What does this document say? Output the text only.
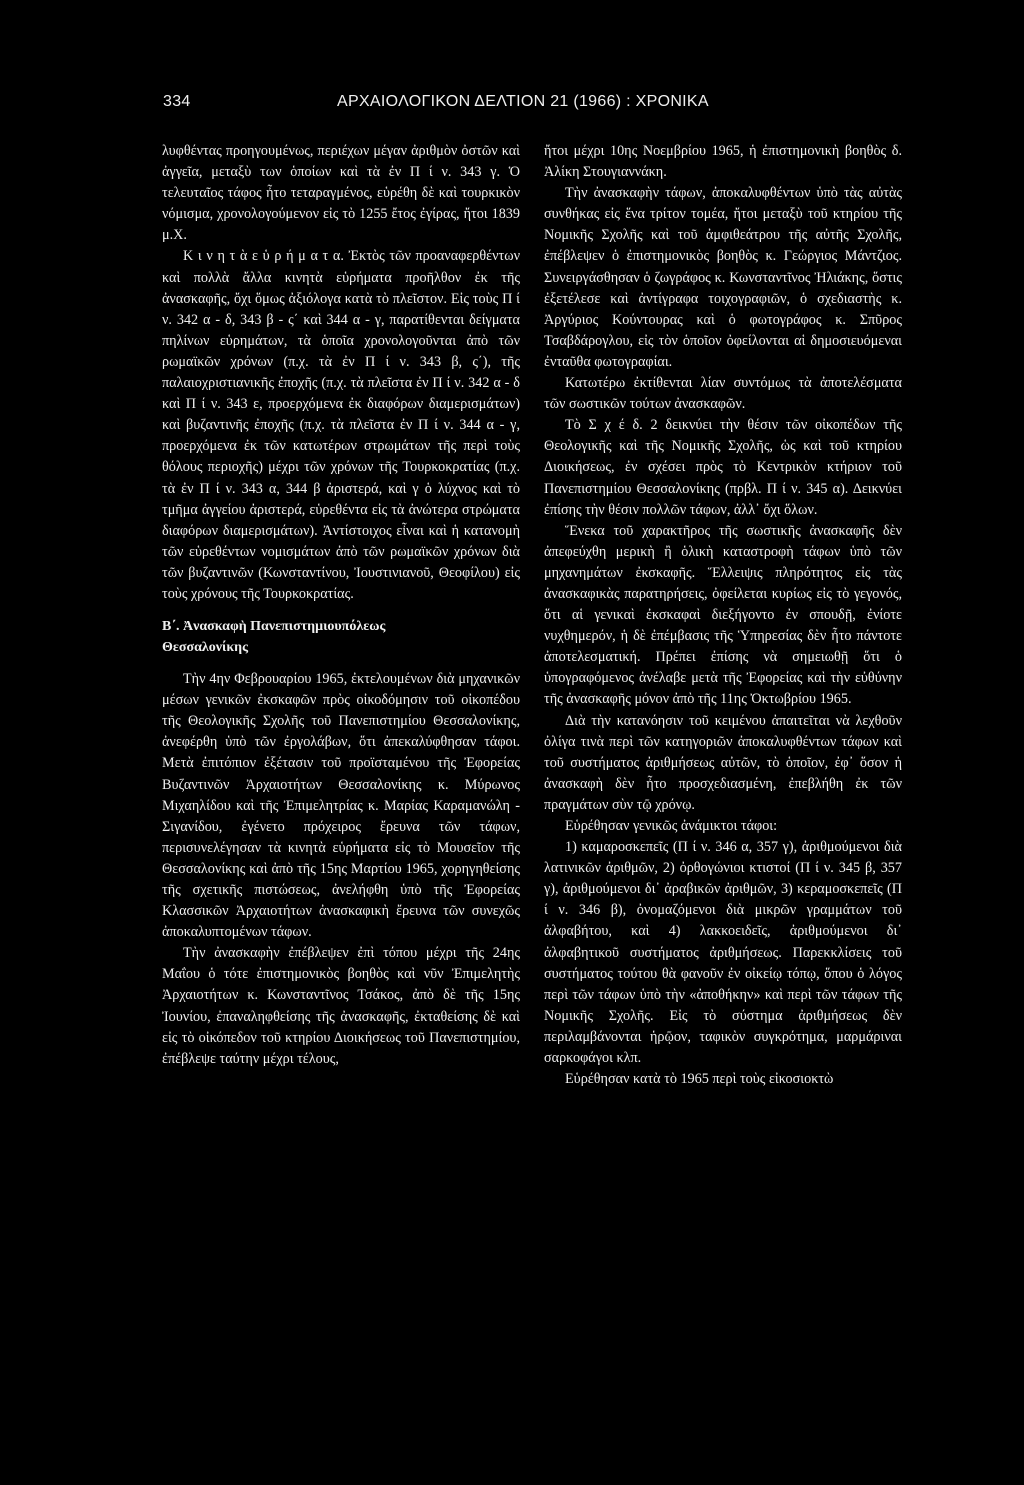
334	ΑΡΧΑΙΟΛΟΓΙΚΟΝ ΔΕΛΤΙΟΝ 21 (1966) : ΧΡΟΝΙΚΑ

λυφθέντας προηγουμένως, περιέχων μέγαν ἀριθμὸν ὀστῶν καὶ ἀγγεῖα, μεταξὺ των ὁποίων καὶ τὰ ἐν Π ί ν. 343 γ. Ὁ τελευταῖος τάφος ἦτο τεταραγμένος, εὑρέθη δὲ καὶ τουρκικὸν νόμισμα, χρονολογούμενον εἰς τὸ 1255 ἔτος ἐγίρας, ἤτοι 1839 μ.Χ.

Κ ι ν η τ ὰ ε ὑ ρ ή μ α τ α. Ἐκτὸς τῶν προαναφερθέντων καὶ πολλὰ ἄλλα κινητὰ εὑρήματα προῆλθον ἐκ τῆς ἀνασκαφῆς, ὄχι ὅμως ἀξιόλογα κατὰ τὸ πλεῖστον. Εἰς τοὺς Π ί ν. 342 α - δ, 343 β - ς΄ καὶ 344 α - γ, παρατίθενται δείγματα πηλίνων εὑρημάτων, τὰ ὁποῖα χρονολογοῦνται ἀπὸ τῶν ρωμαϊκῶν χρόνων (π.χ. τὰ ἐν Π ί ν. 343 β, ς΄), τῆς παλαιοχριστιανικῆς ἐποχῆς (π.χ. τὰ πλεῖστα ἐν Π ί ν. 342 α - δ καὶ Π ί ν. 343 ε, προερχόμενα ἐκ διαφόρων διαμερισμάτων) καὶ βυζαντινῆς ἐποχῆς (π.χ. τὰ πλεῖστα ἐν Π ί ν. 344 α - γ, προερχόμενα ἐκ τῶν κατωτέρων στρωμάτων τῆς περὶ τοὺς θόλους περιοχῆς) μέχρι τῶν χρόνων τῆς Τουρκοκρατίας (π.χ. τὰ ἐν Π ί ν. 343 α, 344 β ἀριστερά, καὶ γ ὁ λύχνος καὶ τὸ τμῆμα ἀγγείου ἀριστερά, εὑρεθέντα εἰς τὰ ἀνώτερα στρώματα διαφόρων διαμερισμάτων). Ἀντίστοιχος εἶναι καὶ ἡ κατανομὴ τῶν εὑρεθέντων νομισμάτων ἀπὸ τῶν ρωμαϊκῶν χρόνων διὰ τῶν βυζαντινῶν (Κωνσταντίνου, Ἰουστινιανοῦ, Θεοφίλου) εἰς τοὺς χρόνους τῆς Τουρκοκρατίας.

Β΄. Ἀνασκαφὴ Πανεπιστημιουπόλεως
Θεσσαλονίκης

Τὴν 4ην Φεβρουαρίου 1965, ἐκτελουμένων διὰ μηχανικῶν μέσων γενικῶν ἐκσκαφῶν πρὸς οἰκοδόμησιν τοῦ οἰκοπέδου τῆς Θεολογικῆς Σχολῆς τοῦ Πανεπιστημίου Θεσσαλονίκης, ἀνεφέρθη ὑπὸ τῶν ἐργολάβων, ὅτι ἀπεκαλύφθησαν τάφοι. Μετὰ ἐπιτόπιον ἐξέτασιν τοῦ προϊσταμένου τῆς Ἐφορείας Βυζαντινῶν Ἀρχαιοτήτων Θεσσαλονίκης κ. Μύρωνος Μιχαηλίδου καὶ τῆς Ἐπιμελητρίας κ. Μαρίας Καραμανώλη - Σιγανίδου, ἐγένετο πρόχειρος ἔρευνα τῶν τάφων, περισυνελέγησαν τὰ κινητὰ εὑρήματα εἰς τὸ Μουσεῖον τῆς Θεσσαλονίκης καὶ ἀπὸ τῆς 15ης Μαρτίου 1965, χορηγηθείσης τῆς σχετικῆς πιστώσεως, ἀνελήφθη ὑπὸ τῆς Ἐφορείας Κλασσικῶν Ἀρχαιοτήτων ἀνασκαφικὴ ἔρευνα τῶν συνεχῶς ἀποκαλυπτομένων τάφων.

Τὴν ἀνασκαφὴν ἐπέβλεψεν ἐπὶ τόπου μέχρι τῆς 24ης Μαΐου ὁ τότε ἐπιστημονικὸς βοηθὸς καὶ νῦν Ἐπιμελητὴς Ἀρχαιοτήτων κ. Κωνσταντῖνος Τσάκος, ἀπὸ δὲ τῆς 15ης Ἰουνίου, ἐπαναληφθείσης τῆς ἀνασκαφῆς, ἐκταθείσης δὲ καὶ εἰς τὸ οἰκόπεδον τοῦ κτηρίου Διοικήσεως τοῦ Πανεπιστημίου, ἐπέβλεψε ταύτην μέχρι τέλους,

ἤτοι μέχρι 10ης Νοεμβρίου 1965, ἡ ἐπιστημονικὴ βοηθὸς δ. Ἀλίκη Στουγιαννάκη.

Τὴν ἀνασκαφὴν τάφων, ἀποκαλυφθέντων ὑπὸ τὰς αὐτὰς συνθήκας εἰς ἕνα τρίτον τομέα, ἤτοι μεταξὺ τοῦ κτηρίου τῆς Νομικῆς Σχολῆς καὶ τοῦ ἀμφιθεάτρου τῆς αὐτῆς Σχολῆς, ἐπέβλεψεν ὁ ἐπιστημονικὸς βοηθὸς κ. Γεώργιος Μάντζιος. Συνειργάσθησαν ὁ ζωγράφος κ. Κωνσταντῖνος Ἠλιάκης, ὅστις ἐξετέλεσε καὶ ἀντίγραφα τοιχογραφιῶν, ὁ σχεδιαστὴς κ. Ἀργύριος Κούντουρας καὶ ὁ φωτογράφος κ. Σπῦρος Τσαβδάρογλου, εἰς τὸν ὁποῖον ὀφείλονται αἱ δημοσιευόμεναι ἐνταῦθα φωτογραφίαι.

Κατωτέρω ἐκτίθενται λίαν συντόμως τὰ ἀποτελέσματα τῶν σωστικῶν τούτων ἀνασκαφῶν.

Τὸ Σ χ έ δ. 2 δεικνύει τὴν θέσιν τῶν οἰκοπέδων τῆς Θεολογικῆς καὶ τῆς Νομικῆς Σχολῆς, ὡς καὶ τοῦ κτηρίου Διοικήσεως, ἐν σχέσει πρὸς τὸ Κεντρικὸν κτήριον τοῦ Πανεπιστημίου Θεσσαλονίκης (πρβλ. Π ί ν. 345 α). Δεικνύει ἐπίσης τὴν θέσιν πολλῶν τάφων, ἀλλ᾽ ὄχι ὅλων.

Ἕνεκα τοῦ χαρακτῆρος τῆς σωστικῆς ἀνασκαφῆς δὲν ἀπεφεύχθη μερικὴ ἢ ὁλικὴ καταστροφὴ τάφων ὑπὸ τῶν μηχανημάτων ἐκσκαφῆς. Ἕλλειψις πληρότητος εἰς τὰς ἀνασκαφικὰς παρατηρήσεις, ὀφείλεται κυρίως εἰς τὸ γεγονός, ὅτι αἱ γενικαὶ ἐκσκαφαὶ διεξήγοντο ἐν σπουδῇ, ἐνίοτε νυχθημερόν, ἡ δὲ ἐπέμβασις τῆς Ὑπηρεσίας δὲν ἦτο πάντοτε ἀποτελεσματική. Πρέπει ἐπίσης νὰ σημειωθῇ ὅτι ὁ ὑπογραφόμενος ἀνέλαβε μετὰ τῆς Ἐφορείας καὶ τὴν εὐθύνην τῆς ἀνασκαφῆς μόνον ἀπὸ τῆς 11ης Ὀκτωβρίου 1965.

Διὰ τὴν κατανόησιν τοῦ κειμένου ἀπαιτεῖται νὰ λεχθοῦν ὀλίγα τινὰ περὶ τῶν κατηγοριῶν ἀποκαλυφθέντων τάφων καὶ τοῦ συστήματος ἀριθμήσεως αὐτῶν, τὸ ὁποῖον, ἐφ᾽ ὅσον ἡ ἀνασκαφὴ δὲν ἦτο προσχεδιασμένη, ἐπεβλήθη ἐκ τῶν πραγμάτων σὺν τῷ χρόνῳ.

Εὑρέθησαν γενικῶς ἀνάμικτοι τάφοι:

1) καμαροσκεπεῖς (Π ί ν. 346 α, 357 γ), ἀριθμούμενοι διὰ λατινικῶν ἀριθμῶν, 2) ὀρθογώνιοι κτιστοί (Π ί ν. 345 β, 357 γ), ἀριθμούμενοι δι᾽ ἀραβικῶν ἀριθμῶν, 3) κεραμοσκεπεῖς (Π ί ν. 346 β), ὀνομαζόμενοι διὰ μικρῶν γραμμάτων τοῦ ἀλφαβήτου, καὶ 4) λακκοειδεῖς, ἀριθμούμενοι δι᾽ ἀλφαβητικοῦ συστήματος ἀριθμήσεως. Παρεκκλίσεις τοῦ συστήματος τούτου θὰ φανοῦν ἐν οἰκείῳ τόπῳ, ὅπου ὁ λόγος περὶ τῶν τάφων ὑπὸ τὴν «ἀποθήκην» καὶ περὶ τῶν τάφων τῆς Νομικῆς Σχολῆς. Εἰς τὸ σύστημα ἀριθμήσεως δὲν περιλαμβάνονται ἡρῷον, ταφικὸν συγκρότημα, μαρμάριναι σαρκοφάγοι κλπ.

Εὑρέθησαν κατὰ τὸ 1965 περὶ τοὺς εἰκοσιοκτὼ
